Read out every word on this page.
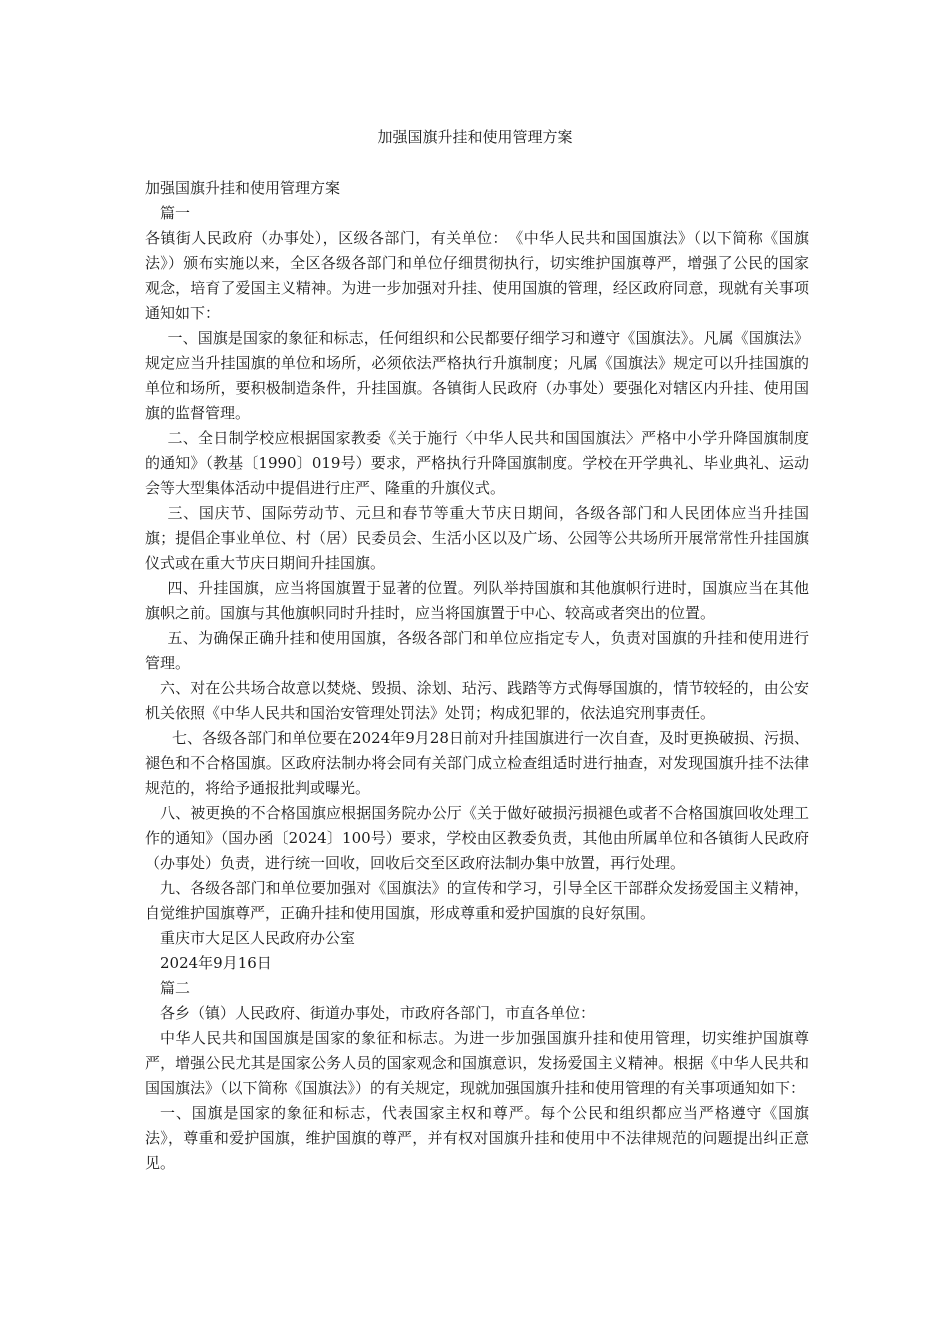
加强国旗升挂和使用管理方案

加强国旗升挂和使用管理方案

篇一

各镇街人民政府（办事处），区级各部门，有关单位：　《中华人民共和国国旗法》（以下简称《国旗法》）颁布实施以来，全区各级各部门和单位仔细贯彻执行，切实维护国旗尊严，增强了公民的国家观念，培育了爱国主义精神。为进一步加强对升挂、使用国旗的管理，经区政府同意，现就有关事项通知如下：

一、国旗是国家的象征和标志，任何组织和公民都要仔细学习和遵守《国旗法》。凡属《国旗法》规定应当升挂国旗的单位和场所，必须依法严格执行升旗制度；凡属《国旗法》规定可以升挂国旗的单位和场所，要积极制造条件，升挂国旗。各镇街人民政府（办事处）要强化对辖区内升挂、使用国旗的监督管理。

二、全日制学校应根据国家教委《关于施行〈中华人民共和国国旗法〉严格中小学升降国旗制度的通知》（教基〔1990〕019号）要求，严格执行升降国旗制度。学校在开学典礼、毕业典礼、运动会等大型集体活动中提倡进行庄严、隆重的升旗仪式。

三、国庆节、国际劳动节、元旦和春节等重大节庆日期间，各级各部门和人民团体应当升挂国旗；提倡企事业单位、村（居）民委员会、生活小区以及广场、公园等公共场所开展常常性升挂国旗仪式或在重大节庆日期间升挂国旗。

四、升挂国旗，应当将国旗置于显著的位置。列队举持国旗和其他旗帜行进时，国旗应当在其他旗帜之前。国旗与其他旗帜同时升挂时，应当将国旗置于中心、较高或者突出的位置。

五、为确保正确升挂和使用国旗，各级各部门和单位应指定专人，负责对国旗的升挂和使用进行管理。

六、对在公共场合故意以焚烧、毁损、涂划、玷污、践踏等方式侮辱国旗的，情节较轻的，由公安机关依照《中华人民共和国治安管理处罚法》处罚；构成犯罪的，依法追究刑事责任。

七、各级各部门和单位要在2024年9月28日前对升挂国旗进行一次自查，及时更换破损、污损、褪色和不合格国旗。区政府法制办将会同有关部门成立检查组适时进行抽查，对发现国旗升挂不法律规范的，将给予通报批判或曝光。

八、被更换的不合格国旗应根据国务院办公厅《关于做好破损污损褪色或者不合格国旗回收处理工作的通知》（国办函〔2024〕100号）要求，学校由区教委负责，其他由所属单位和各镇街人民政府（办事处）负责，进行统一回收，回收后交至区政府法制办集中放置，再行处理。

九、各级各部门和单位要加强对《国旗法》的宣传和学习，引导全区干部群众发扬爱国主义精神，自觉维护国旗尊严，正确升挂和使用国旗，形成尊重和爱护国旗的良好氛围。

重庆市大足区人民政府办公室

2024年9月16日

篇二

各乡（镇）人民政府、街道办事处，市政府各部门，市直各单位：

中华人民共和国国旗是国家的象征和标志。为进一步加强国旗升挂和使用管理，切实维护国旗尊严，增强公民尤其是国家公务人员的国家观念和国旗意识，发扬爱国主义精神。根据《中华人民共和国国旗法》（以下简称《国旗法》）的有关规定，现就加强国旗升挂和使用管理的有关事项通知如下：

一、国旗是国家的象征和标志，代表国家主权和尊严。每个公民和组织都应当严格遵守《国旗法》，尊重和爱护国旗，维护国旗的尊严，并有权对国旗升挂和使用中不法律规范的问题提出纠正意见。
